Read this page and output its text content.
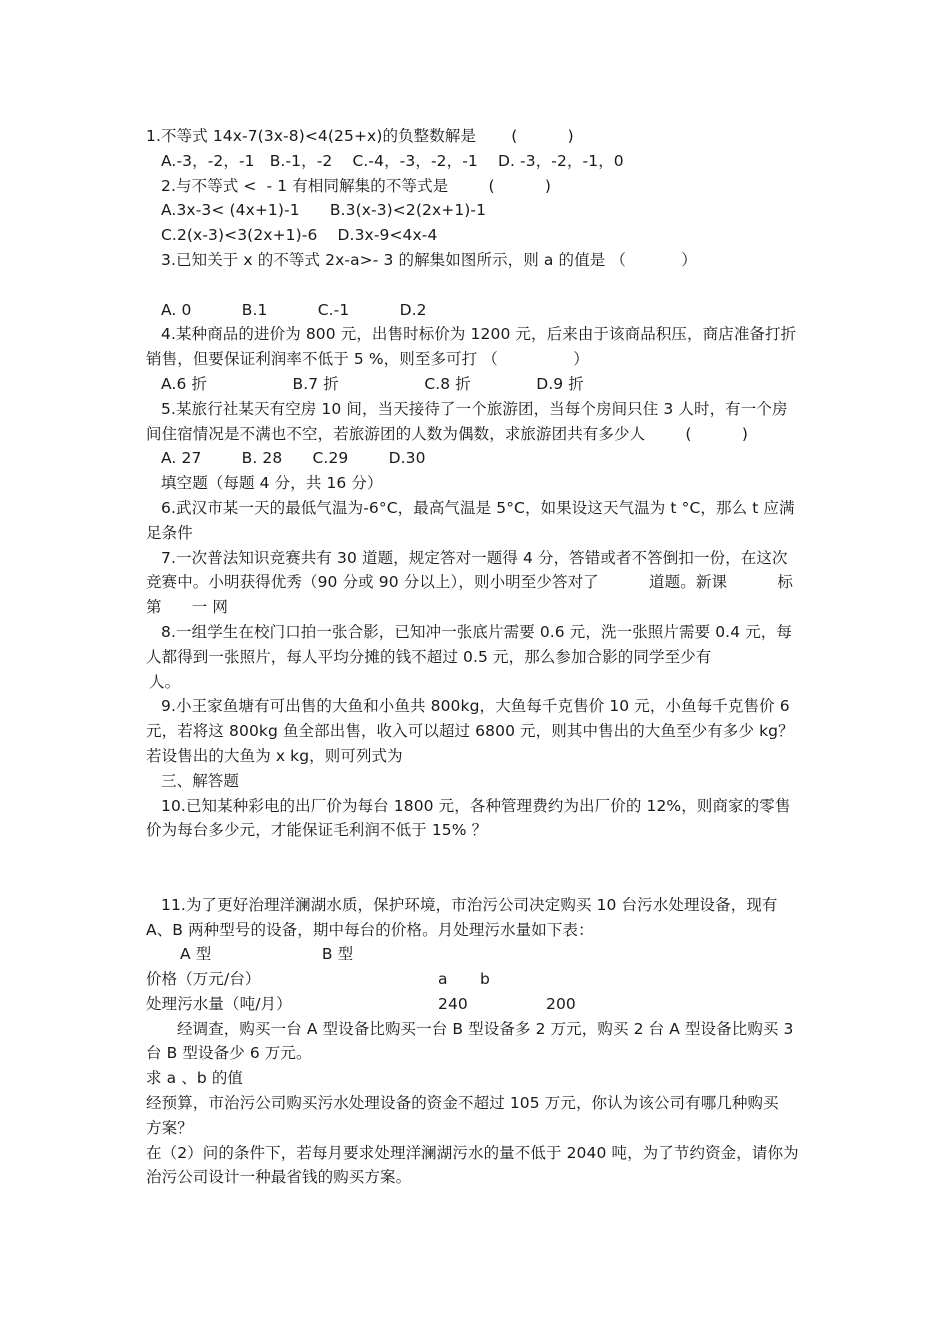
1.不等式 14x-7(3x-8)<4(25+x)的负整数解是       (          )
A.-3，-2，-1   B.-1，-2    C.-4，-3，-2，-1    D. -3，-2，-1，0
2.与不等式 <  - 1 有相同解集的不等式是        (          )
A.3x-3< (4x+1)-1      B.3(x-3)<2(2x+1)-1
C.2(x-3)<3(2x+1)-6    D.3x-9<4x-4
3.已知关于 x 的不等式 2x-a>- 3 的解集如图所示，则 a 的值是 （           ）
A. 0          B.1          C.-1          D.2
4.某种商品的进价为 800 元，出售时标价为 1200 元，后来由于该商品积压，商店准备打折
销售，但要保证利润率不低于 5 %，则至多可打 （               ）
A.6 折                 B.7 折                 C.8 折             D.9 折
5.某旅行社某天有空房 10 间，当天接待了一个旅游团，当每个房间只住 3 人时，有一个房
间住宿情况是不满也不空，若旅游团的人数为偶数，求旅游团共有多少人        (          )
A. 27        B. 28      C.29        D.30
填空题（每题 4 分，共 16 分）
6.武汉市某一天的最低气温为-6°C，最高气温是 5°C，如果设这天气温为 t °C，那么 t 应满
足条件
7.一次普法知识竞赛共有 30 道题，规定答对一题得 4 分，答错或者不答倒扣一份，在这次
竞赛中。小明获得优秀（90 分或 90 分以上），则小明至少答对了          道题。新课          标
第      一 网
8.一组学生在校门口拍一张合影，已知冲一张底片需要 0.6 元，洗一张照片需要 0.4 元，每
人都得到一张照片，每人平均分摊的钱不超过 0.5 元，那么参加合影的同学至少有
人。
9.小王家鱼塘有可出售的大鱼和小鱼共 800kg，大鱼每千克售价 10 元，小鱼每千克售价 6
元，若将这 800kg 鱼全部出售，收入可以超过 6800 元，则其中售出的大鱼至少有多少 kg？
若设售出的大鱼为 x kg，则可列式为
三、解答题
10.已知某种彩电的出厂价为每台 1800 元，各种管理费约为出厂价的 12%，则商家的零售
价为每台多少元，才能保证毛利润不低于 15% ？
11.为了更好治理洋澜湖水质，保护环境，市治污公司决定购买 10 台污水处理设备，现有
A、B 两种型号的设备，期中每台的价格。月处理污水量如下表：
A 型                      B 型
价格（万元/台）	a	b
处理污水量（吨/月）	240	200
经调查，购买一台 A 型设备比购买一台 B 型设备多 2 万元，购买 2 台 A 型设备比购买 3
台 B 型设备少 6 万元。
求 a 、b 的值
经预算，市治污公司购买污水处理设备的资金不超过 105 万元，你认为该公司有哪几种购买
方案？
在（2）问的条件下，若每月要求处理洋澜湖污水的量不低于 2040 吨，为了节约资金，请你为
治污公司设计一种最省钱的购买方案。
